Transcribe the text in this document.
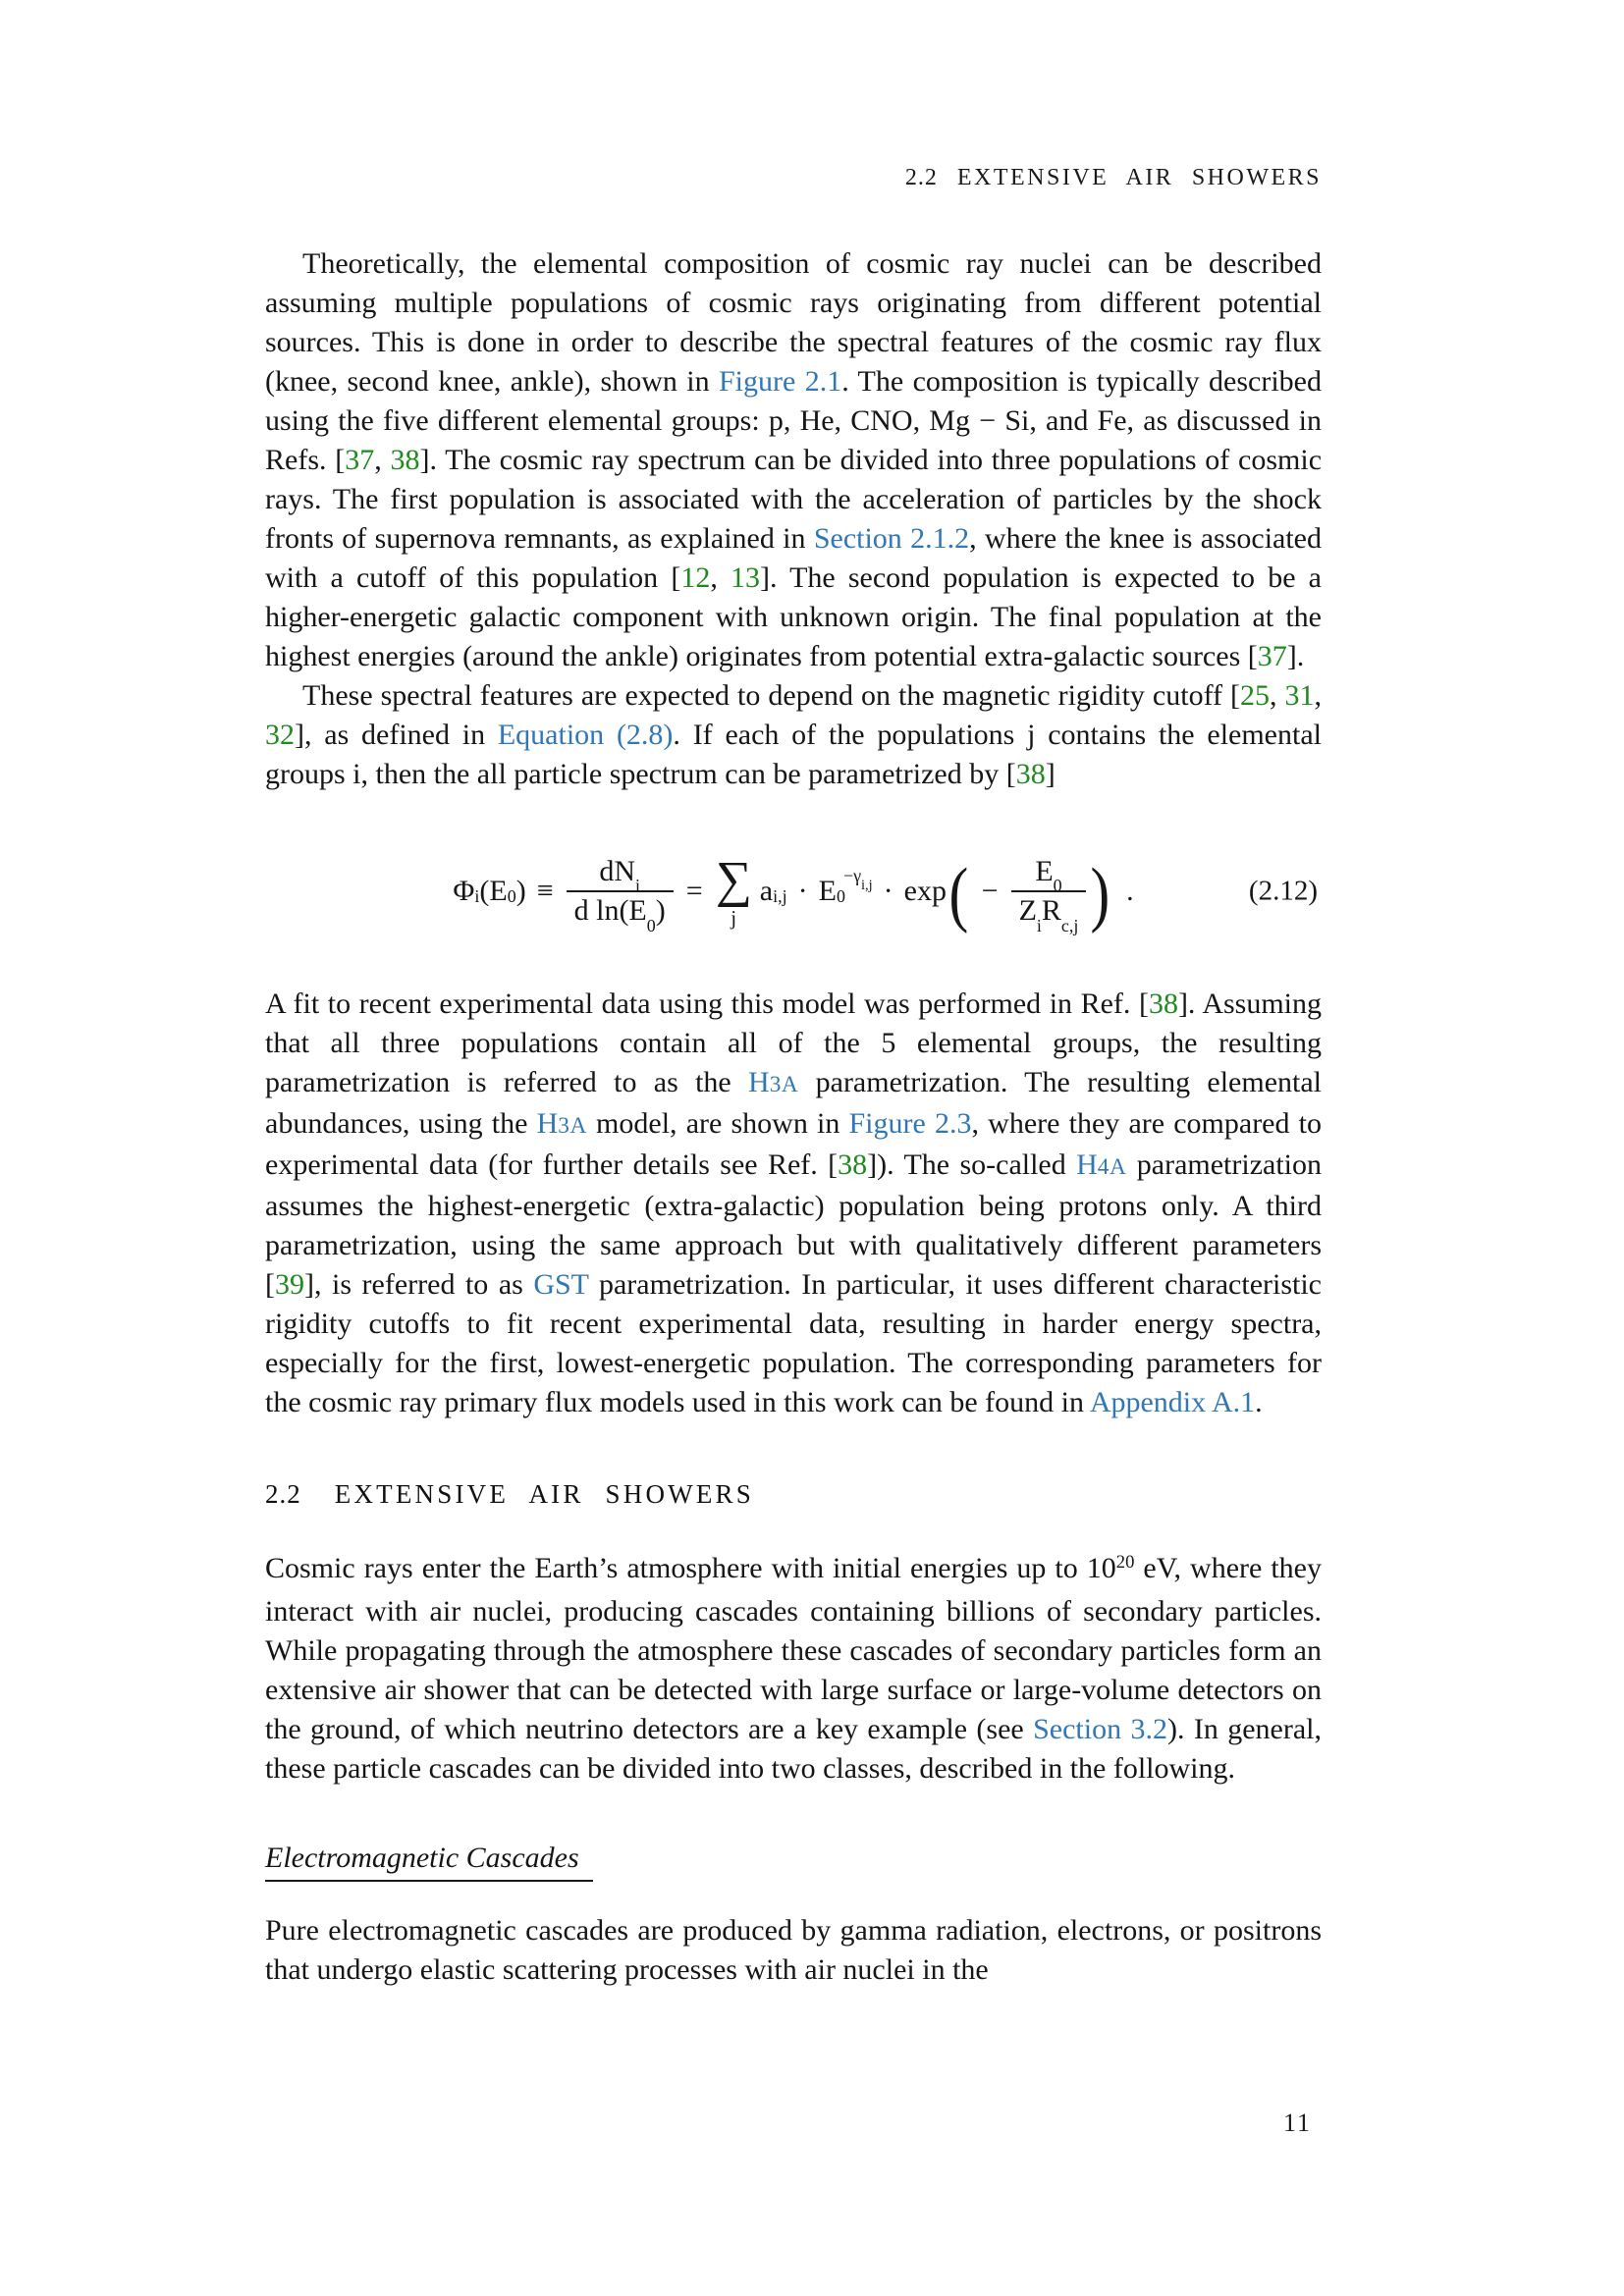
2.2 EXTENSIVE AIR SHOWERS

Theoretically, the elemental composition of cosmic ray nuclei can be described assuming multiple populations of cosmic rays originating from different potential sources. This is done in order to describe the spectral features of the cosmic ray flux (knee, second knee, ankle), shown in Figure 2.1. The composition is typically described using the five different elemental groups: p, He, CNO, Mg − Si, and Fe, as discussed in Refs. [37, 38]. The cosmic ray spectrum can be divided into three populations of cosmic rays. The first population is associated with the acceleration of particles by the shock fronts of supernova remnants, as explained in Section 2.1.2, where the knee is associated with a cutoff of this population [12, 13]. The second population is expected to be a higher-energetic galactic component with unknown origin. The final population at the highest energies (around the ankle) originates from potential extra-galactic sources [37].

These spectral features are expected to depend on the magnetic rigidity cutoff [25, 31, 32], as defined in Equation (2.8). If each of the populations j contains the elemental groups i, then the all particle spectrum can be parametrized by [38]

$\Phi_i$ ($E_0$ ) ≡ $\frac{dN_i}{d \ln(E_0)}$ = ∑
j
$a_{i,j} \cdot E_0$
$-\gamma_{i,j} \cdot \exp$ ( − $\frac{E_0}{Z_iR_{c,j}}$ ) .	(2.12)

A fit to recent experimental data using this model was performed in Ref. [38]. Assuming that all three populations contain all of the 5 elemental groups, the resulting parametrization is referred to as the H3A parametrization. The resulting elemental abundances, using the H3A model, are shown in Figure 2.3, where they are compared to experimental data (for further details see Ref. [38]). The so-called H4A parametrization assumes the highest-energetic (extra-galactic) population being protons only. A third parametrization, using the same approach but with qualitatively different parameters [39], is referred to as GST parametrization. In particular, it uses different characteristic rigidity cutoffs to fit recent experimental data, resulting in harder energy spectra, especially for the first, lowest-energetic population. The corresponding parameters for the cosmic ray primary flux models used in this work can be found in Appendix A.1.

2.2 EXTENSIVE AIR SHOWERS

Cosmic rays enter the Earth’s atmosphere with initial energies up to $10^{20}$ eV, where they interact with air nuclei, producing cascades containing billions of secondary particles. While propagating through the atmosphere these cascades of secondary particles form an extensive air shower that can be detected with large surface or large-volume detectors on the ground, of which neutrino detectors are a key example (see Section 3.2). In general, these particle cascades can be divided into two classes, described in the following.

Electromagnetic Cascades

Pure electromagnetic cascades are produced by gamma radiation, electrons, or positrons that undergo elastic scattering processes with air nuclei in the

11
